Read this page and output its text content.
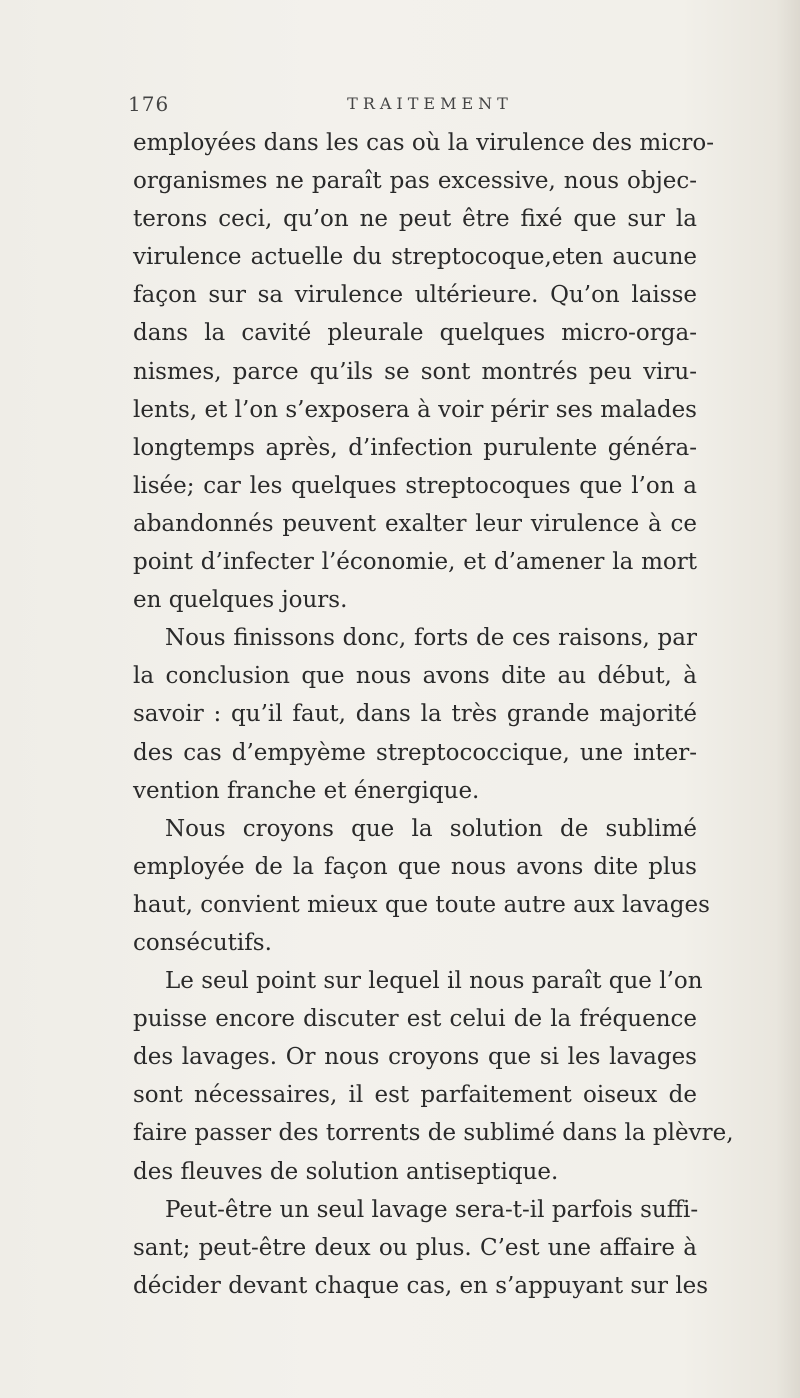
176	TRAITEMENT
employées dans les cas où la virulence des micro-
organismes ne paraît pas excessive, nous objec-
terons ceci, qu’on ne peut être fixé que sur la
virulence actuelle du streptocoque,eten aucune
façon sur sa virulence ultérieure. Qu’on laisse
dans la cavité pleurale quelques micro-orga-
nismes, parce qu’ils se sont montrés peu viru-
lents, et l’on s’exposera à voir périr ses malades
longtemps après, d’infection purulente généra-
lisée; car les quelques streptocoques que l’on a
abandonnés peuvent exalter leur virulence à ce
point d’infecter l’économie, et d’amener la mort
en quelques jours.
Nous finissons donc, forts de ces raisons, par
la conclusion que nous avons dite au début, à
savoir : qu’il faut, dans la très grande majorité
des cas d’empyème streptococcique, une inter-
vention franche et énergique.
Nous croyons que la solution de sublimé
employée de la façon que nous avons dite plus
haut, convient mieux que toute autre aux lavages
consécutifs.
Le seul point sur lequel il nous paraît que l’on
puisse encore discuter est celui de la fréquence
des lavages. Or nous croyons que si les lavages
sont nécessaires, il est parfaitement oiseux de
faire passer des torrents de sublimé dans la plèvre,
des fleuves de solution antiseptique.
Peut-être un seul lavage sera-t-il parfois suffi-
sant; peut-être deux ou plus. C’est une affaire à
décider devant chaque cas, en s’appuyant sur les
